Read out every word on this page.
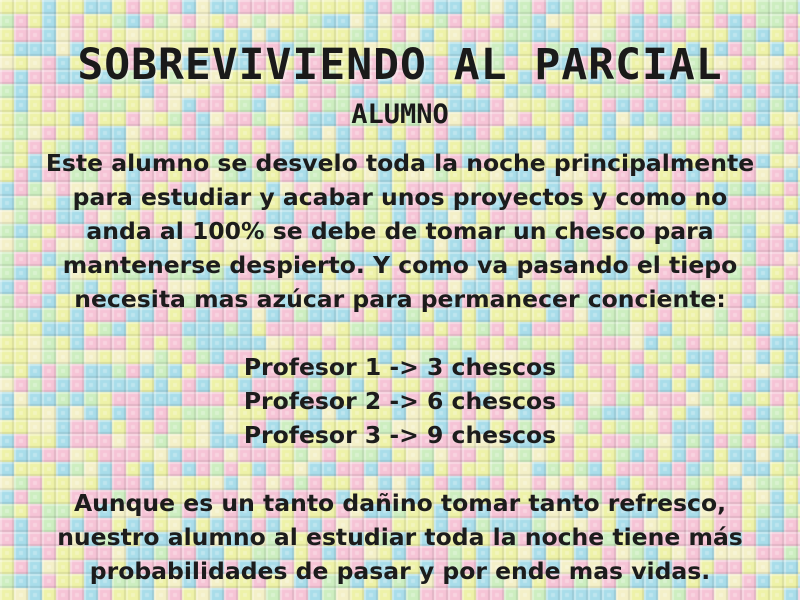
SOBREVIVIENDO AL PARCIAL
ALUMNO
Este alumno se desvelo toda la noche principalmente
para estudiar y acabar unos proyectos y como no
anda al 100% se debe de tomar un chesco para
mantenerse despierto. Y como va pasando el tiepo
necesita mas azúcar para permanecer conciente:
Profesor 1 -> 3 chescos
Profesor 2 -> 6 chescos
Profesor 3 -> 9 chescos
Aunque es un tanto dañino tomar tanto refresco,
nuestro alumno al estudiar toda la noche tiene más
probabilidades de pasar y por ende mas vidas.
